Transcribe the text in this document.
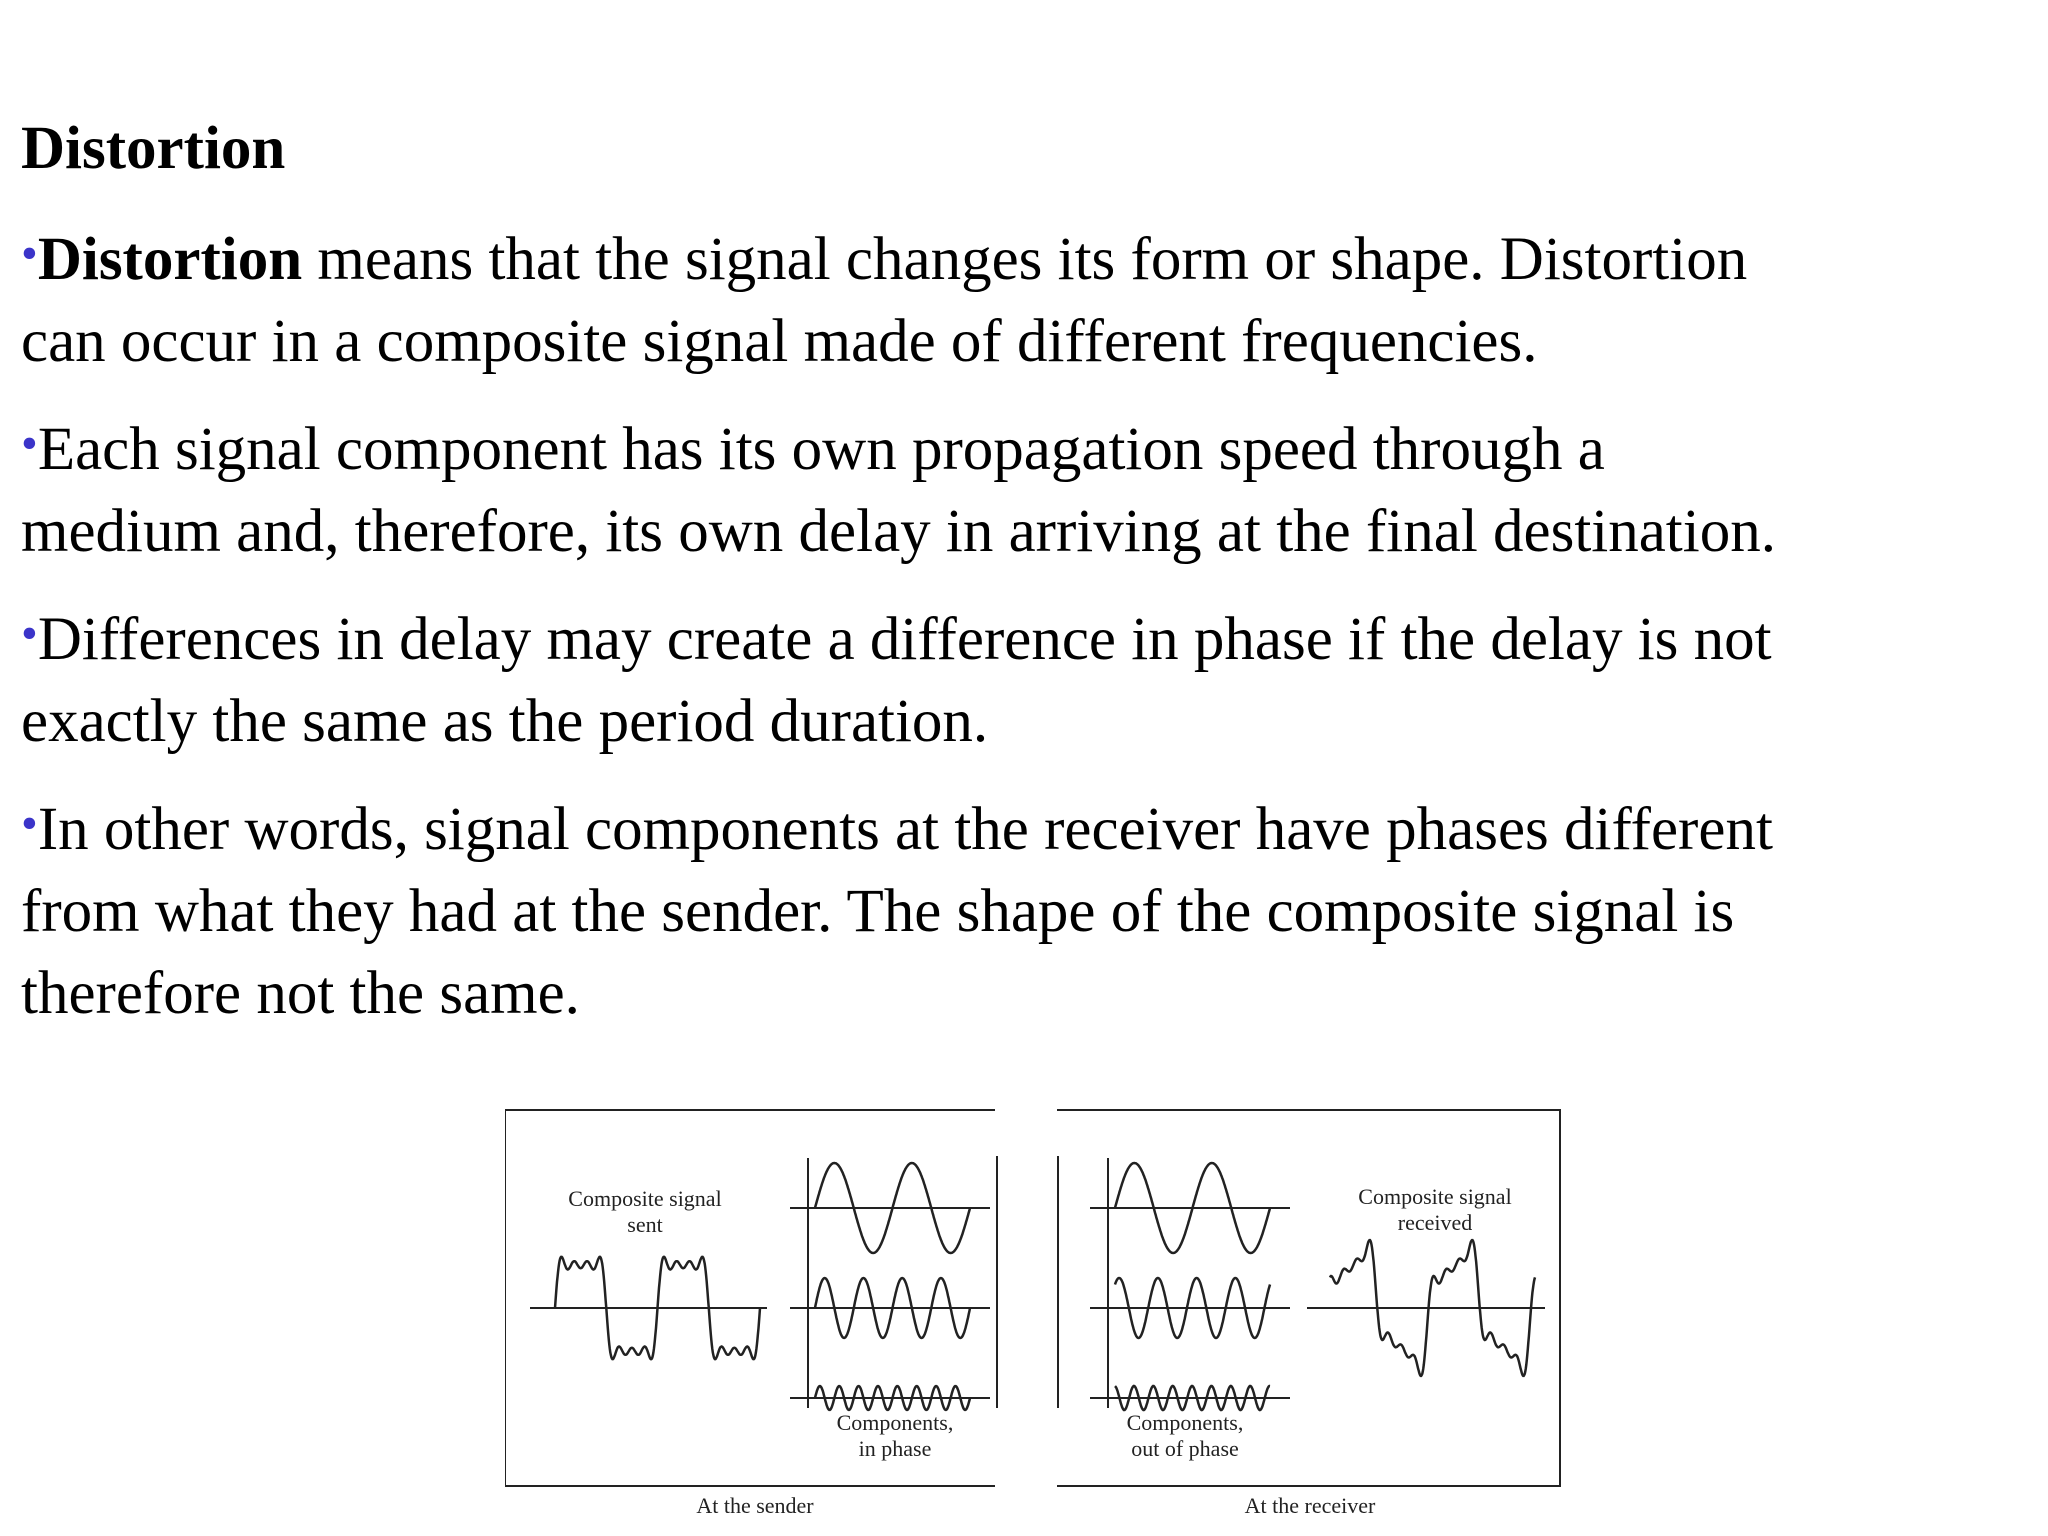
Distortion
•Distortion means that the signal changes its form or shape. Distortion
can occur in a composite signal made of different frequencies.
•Each signal component has its own propagation speed through a
medium and, therefore, its own delay in arriving at the final destination.
•Differences in delay may create a difference in phase if the delay is not
exactly the same as the period duration.
•In other words, signal components at the receiver have phases different
from what they had at the sender. The shape of the composite signal is
therefore not the same.
Composite signal
sent
Components,
in phase
At the sender
Composite signal
received
Components,
out of phase
At the receiver
